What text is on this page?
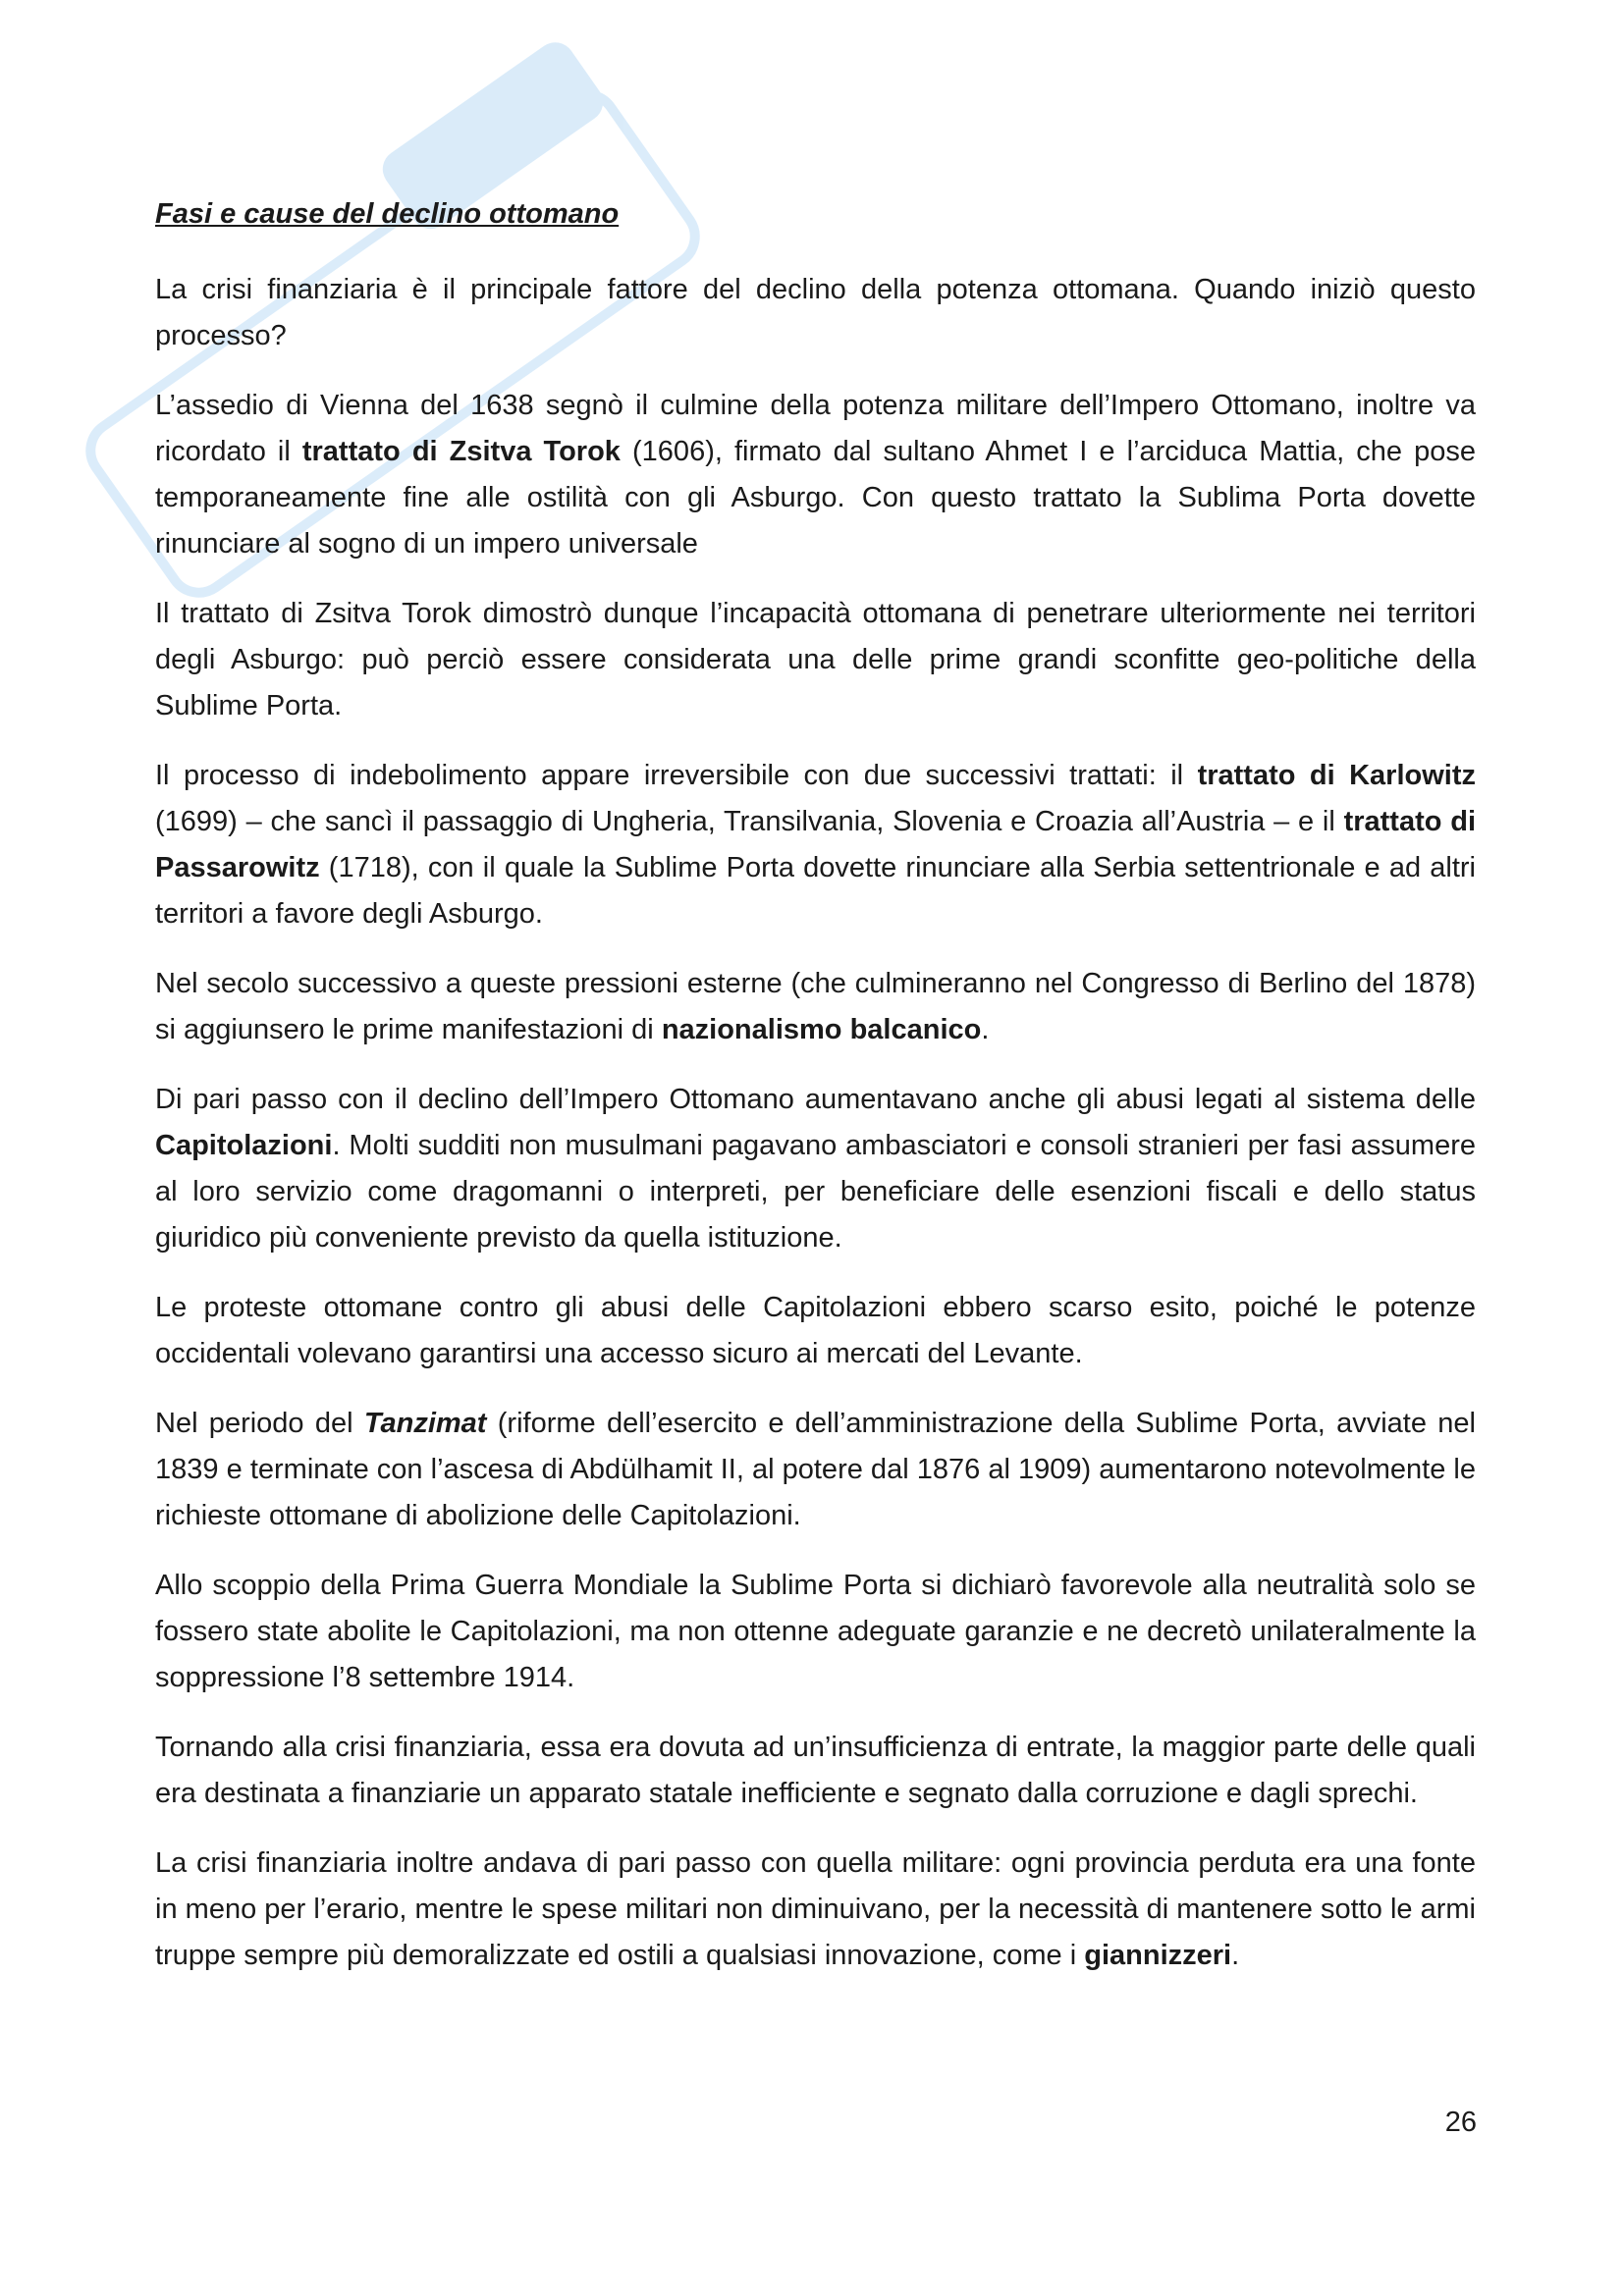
Fasi e cause del declino ottomano

La crisi finanziaria è il principale fattore del declino della potenza ottomana. Quando iniziò questo processo?

L’assedio di Vienna del 1638 segnò il culmine della potenza militare dell’Impero Ottomano, inoltre va ricordato il trattato di Zsitva Torok (1606), firmato dal sultano Ahmet I e l’arciduca Mattia, che pose temporaneamente fine alle ostilità con gli Asburgo. Con questo trattato la Sublima Porta dovette rinunciare al sogno di un impero universale

Il trattato di Zsitva Torok dimostrò dunque l’incapacità ottomana di penetrare ulteriormente nei territori degli Asburgo: può perciò essere considerata una delle prime grandi sconfitte geo-politiche della Sublime Porta.

Il processo di indebolimento appare irreversibile con due successivi trattati: il trattato di Karlowitz (1699) – che sancì il passaggio di Ungheria, Transilvania, Slovenia e Croazia all’Austria – e il trattato di Passarowitz (1718), con il quale la Sublime Porta dovette rinunciare alla Serbia settentrionale e ad altri territori a favore degli Asburgo.

Nel secolo successivo a queste pressioni esterne (che culmineranno nel Congresso di Berlino del 1878) si aggiunsero le prime manifestazioni di nazionalismo balcanico.

Di pari passo con il declino dell’Impero Ottomano aumentavano anche gli abusi legati al sistema delle Capitolazioni. Molti sudditi non musulmani pagavano ambasciatori e consoli stranieri per fasi assumere al loro servizio come dragomanni o interpreti, per beneficiare delle esenzioni fiscali e dello status giuridico più conveniente previsto da quella istituzione.

Le proteste ottomane contro gli abusi delle Capitolazioni ebbero scarso esito, poiché le potenze occidentali volevano garantirsi una accesso sicuro ai mercati del Levante.

Nel periodo del Tanzimat (riforme dell’esercito e dell’amministrazione della Sublime Porta, avviate nel 1839 e terminate con l’ascesa di Abdülhamit II, al potere dal 1876 al 1909) aumentarono notevolmente le richieste ottomane di abolizione delle Capitolazioni.

Allo scoppio della Prima Guerra Mondiale la Sublime Porta si dichiarò favorevole alla neutralità solo se fossero state abolite le Capitolazioni, ma non ottenne adeguate garanzie e ne decretò unilateralmente la soppressione l’8 settembre 1914.

Tornando alla crisi finanziaria, essa era dovuta ad un’insufficienza di entrate, la maggior parte delle quali era destinata a finanziarie un apparato statale inefficiente e segnato dalla corruzione e dagli sprechi.

La crisi finanziaria inoltre andava di pari passo con quella militare: ogni provincia perduta era una fonte in meno per l’erario, mentre le spese militari non diminuivano, per la necessità di mantenere sotto le armi truppe sempre più demoralizzate ed ostili a qualsiasi innovazione, come i giannizzeri.

26
